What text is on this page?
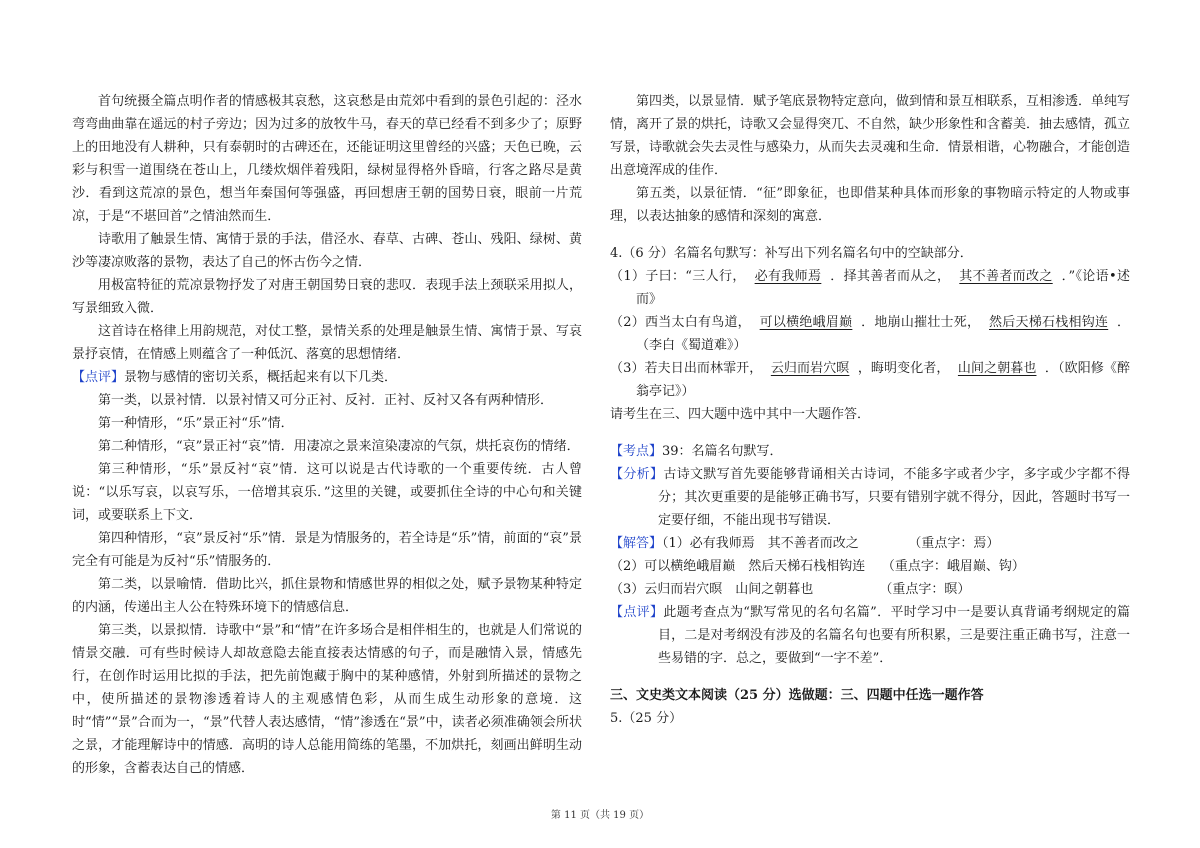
首句统摄全篇点明作者的情感极其哀愁，这哀愁是由荒郊中看到的景色引起的：泾水弯弯曲曲靠在遥远的村子旁边；因为过多的放牧牛马，春天的草已经看不到多少了；原野上的田地没有人耕种，只有泰朝时的古碑还在，还能证明这里曾经的兴盛；天色已晚，云彩与积雪一道围绕在苍山上，几缕炊烟伴着残阳，绿树显得格外昏暗，行客之路尽是黄沙．看到这荒凉的景色，想当年秦国何等强盛，再回想唐王朝的国势日衰，眼前一片荒凉，于是“不堪回首”之情油然而生．

诗歌用了触景生情、寓情于景的手法，借泾水、春草、古碑、苍山、残阳、绿树、黄沙等凄凉败落的景物，表达了自己的怀古伤今之情．

用极富特征的荒凉景物抒发了对唐王朝国势日衰的悲叹．表现手法上颈联采用拟人，写景细致入微．

这首诗在格律上用韵规范，对仗工整，景情关系的处理是触景生情、寓情于景、写哀景抒哀情，在情感上则蕴含了一种低沉、落寞的思想情绪．

【点评】景物与感情的密切关系，概括起来有以下几类．

第一类，以景衬情．以景衬情又可分正衬、反衬．正衬、反衬又各有两种情形．

第一种情形，“乐”景正衬“乐”情．

第二种情形，“哀”景正衬“哀”情．用凄凉之景来渲染凄凉的气氛，烘托哀伤的情绪．

第三种情形，“乐”景反衬“哀”情．这可以说是古代诗歌的一个重要传统．古人曾说：“以乐写哀，以哀写乐，一倍增其哀乐．”这里的关键，或要抓住全诗的中心句和关键词，或要联系上下文．

第四种情形，“哀”景反衬“乐”情．景是为情服务的，若全诗是“乐”情，前面的“哀”景完全有可能是为反衬“乐”情服务的．

第二类，以景喻情．借助比兴，抓住景物和情感世界的相似之处，赋予景物某种特定的内涵，传递出主人公在特殊环境下的情感信息．

第三类，以景拟情．诗歌中“景”和“情”在许多场合是相伴相生的，也就是人们常说的情景交融．可有些时候诗人却故意隐去能直接表达情感的句子，而是融情入景，情感先行，在创作时运用比拟的手法，把先前饱藏于胸中的某种感情，外射到所描述的景物之中，使所描述的景物渗透着诗人的主观感情色彩，从而生成生动形象的意境．这时“情”“景”合而为一，“景”代替人表达感情，“情”渗透在“景”中，读者必须准确领会所状之景，才能理解诗中的情感．高明的诗人总能用简练的笔墨，不加烘托，刻画出鲜明生动的形象，含蓄表达自己的情感．

第四类，以景显情．赋予笔底景物特定意向，做到情和景互相联系，互相渗透．单纯写情，离开了景的烘托，诗歌又会显得突兀、不自然，缺少形象性和含蓄美．抽去感情，孤立写景，诗歌就会失去灵性与感染力，从而失去灵魂和生命．情景相谐，心物融合，才能创造出意境浑成的佳作．

第五类，以景征情．“征”即象征，也即借某种具体而形象的事物暗示特定的人物或事理，以表达抽象的感情和深刻的寓意．

4.（6 分）名篇名句默写：补写出下列名篇名句中的空缺部分．

（1）子曰：“三人行， 必有我师焉 ．择其善者而从之， 其不善者而改之 ．”《论语•述而》

（2）西当太白有鸟道， 可以横绝峨眉巅 ．地崩山摧壮士死， 然后天梯石栈相钩连 ．（李白《蜀道难》）

（3）若夫日出而林霏开， 云归而岩穴暝 ，晦明变化者， 山间之朝暮也 ．（欧阳修《醉翁亭记》）

请考生在三、四大题中选中其中一大题作答．

【考点】39：名篇名句默写．

【分析】古诗文默写首先要能够背诵相关古诗词，不能多字或者少字，多字或少字都不得分；其次更重要的是能够正确书写，只要有错别字就不得分，因此，答题时书写一定要仔细，不能出现书写错误．

【解答】（1）必有我师焉　其不善者而改之	（重点字：焉）

（2）可以横绝峨眉巅　然后天梯石栈相钩连 （重点字：峨眉巅、钩）

（3）云归而岩穴暝　山间之朝暮也	（重点字：暝）

【点评】此题考查点为“默写常见的名句名篇”．平时学习中一是要认真背诵考纲规定的篇目，二是对考纲没有涉及的名篇名句也要有所积累，三是要注重正确书写，注意一些易错的字．总之，要做到“一字不差”．

三、文史类文本阅读（25 分）选做题：三、四题中任选一题作答

5.（25 分）

第 11 页（共 19 页）
